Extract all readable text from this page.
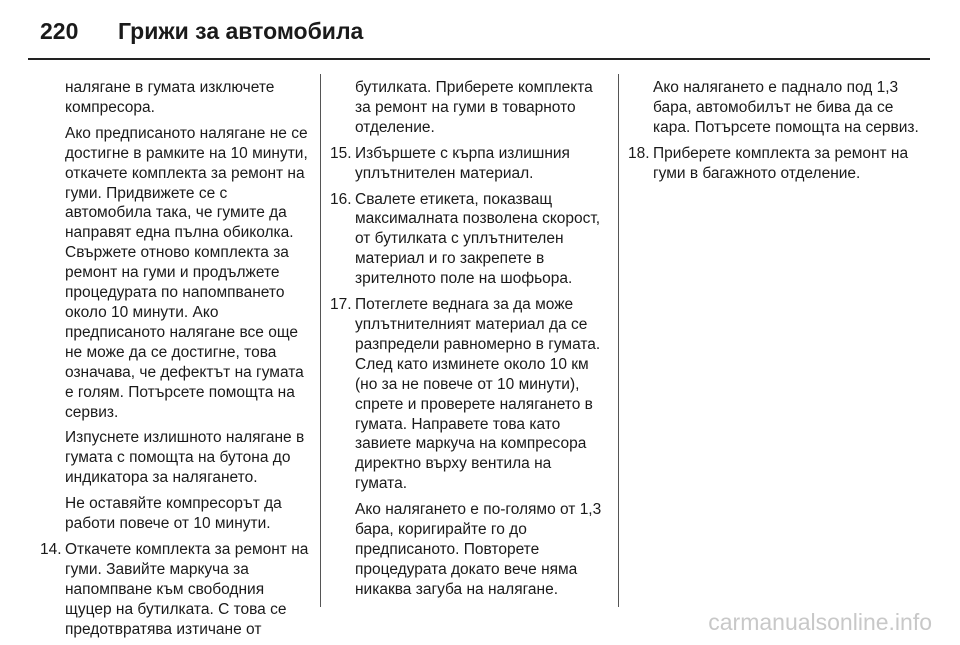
220	Грижи за автомобила

налягане в гумата изключете компресора.

Ако предписаното налягане не се достигне в рамките на 10 минути, откачете комплекта за ремонт на гуми. Придвижете се с автомобила така, че гумите да направят една пълна обиколка. Свържете отново комплекта за ремонт на гуми и продължете процедурата по напомпването около 10 минути. Ако предписаното налягане все още не може да се достигне, това означава, че дефектът на гумата е голям. Потърсете помощта на сервиз.

Изпуснете излишното налягане в гумата с помощта на бутона до индикатора за налягането.

Не оставяйте компресорът да работи повече от 10 минути.

14. Откачете комплекта за ремонт на гуми. Завийте маркуча за напомпване към свободния щуцер на бутилката. С това се предотвратява изтичане от

бутилката. Приберете комплекта за ремонт на гуми в товарното отделение.

15. Избършете с кърпа излишния уплътнителен материал.
16. Свалете етикета, показващ максималната позволена скорост, от бутилката с уплътнителен материал и го закрепете в зрителното поле на шофьора.
17. Потеглете веднага за да може уплътнителният материал да се разпредели равномерно в гумата. След като изминете около 10 км (но за не повече от 10 минути), спрете и проверете налягането в гумата. Направете това като завиете маркуча на компресора директно върху вентила на гумата.

Ако налягането е по-голямо от 1,3 бара, коригирайте го до предписаното. Повторете процедурата докато вече няма никаква загуба на налягане.

Ако налягането е паднало под 1,3 бара, автомобилът не бива да се кара. Потърсете помощта на сервиз.

18. Приберете комплекта за ремонт на гуми в багажното отделение.
carmanualsonline.info
